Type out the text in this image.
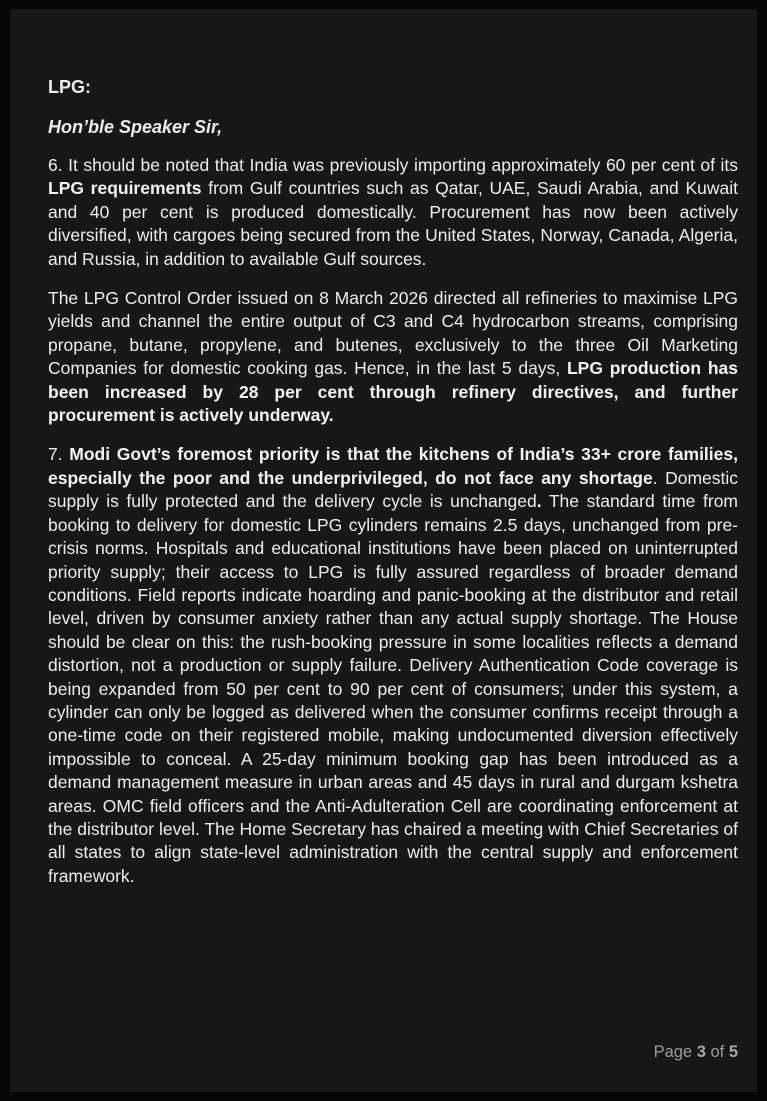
LPG:
Hon’ble Speaker Sir,

6. It should be noted that India was previously importing approximately 60 per cent of its LPG requirements from Gulf countries such as Qatar, UAE, Saudi Arabia, and Kuwait and 40 per cent is produced domestically. Procurement has now been actively diversified, with cargoes being secured from the United States, Norway, Canada, Algeria, and Russia, in addition to available Gulf sources.

The LPG Control Order issued on 8 March 2026 directed all refineries to maximise LPG yields and channel the entire output of C3 and C4 hydrocarbon streams, comprising propane, butane, propylene, and butenes, exclusively to the three Oil Marketing Companies for domestic cooking gas. Hence, in the last 5 days, LPG production has been increased by 28 per cent through refinery directives, and further procurement is actively underway.

7. Modi Govt’s foremost priority is that the kitchens of India’s 33+ crore families, especially the poor and the underprivileged, do not face any shortage. Domestic supply is fully protected and the delivery cycle is unchanged. The standard time from booking to delivery for domestic LPG cylinders remains 2.5 days, unchanged from pre-crisis norms. Hospitals and educational institutions have been placed on uninterrupted priority supply; their access to LPG is fully assured regardless of broader demand conditions. Field reports indicate hoarding and panic-booking at the distributor and retail level, driven by consumer anxiety rather than any actual supply shortage. The House should be clear on this: the rush-booking pressure in some localities reflects a demand distortion, not a production or supply failure. Delivery Authentication Code coverage is being expanded from 50 per cent to 90 per cent of consumers; under this system, a cylinder can only be logged as delivered when the consumer confirms receipt through a one-time code on their registered mobile, making undocumented diversion effectively impossible to conceal. A 25-day minimum booking gap has been introduced as a demand management measure in urban areas and 45 days in rural and durgam kshetra areas. OMC field officers and the Anti-Adulteration Cell are coordinating enforcement at the distributor level. The Home Secretary has chaired a meeting with Chief Secretaries of all states to align state-level administration with the central supply and enforcement framework.

Page 3 of 5
